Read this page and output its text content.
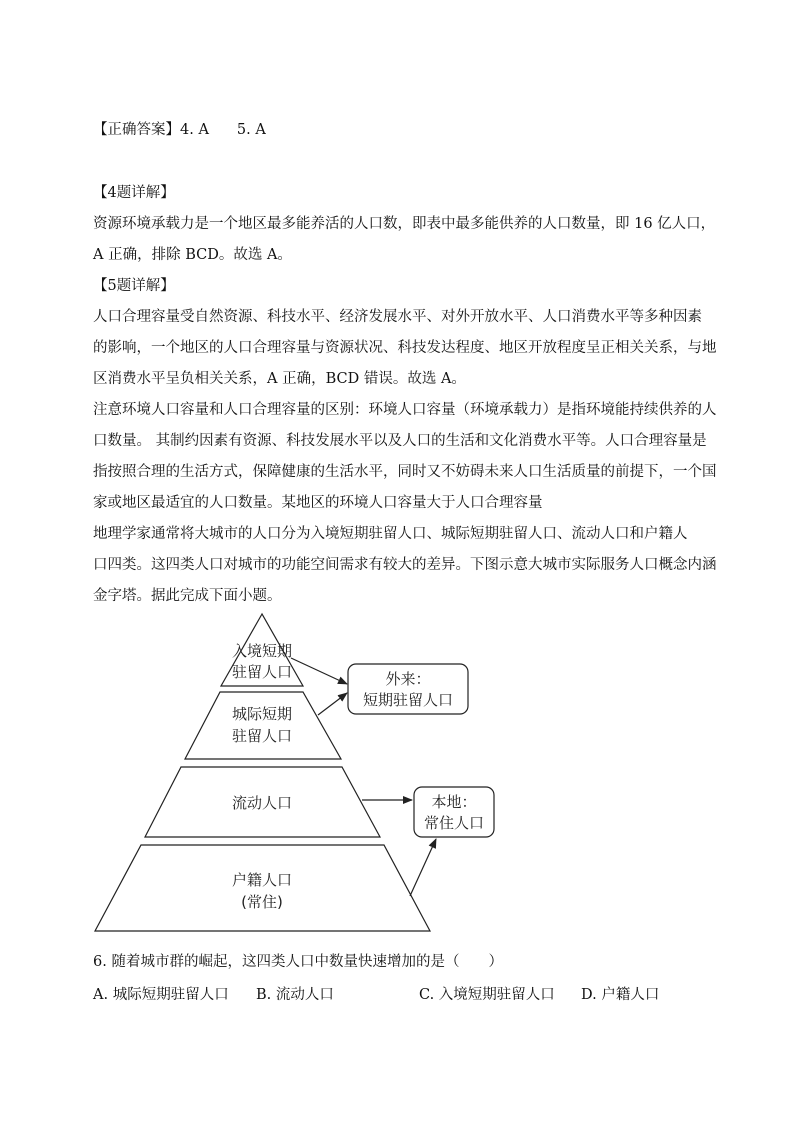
【正确答案】4. A 5. A
【4题详解】
资源环境承载力是一个地区最多能养活的人口数，即表中最多能供养的人口数量，即 16 亿人口，
A 正确，排除 BCD。故选 A。
【5题详解】
人口合理容量受自然资源、科技水平、经济发展水平、对外开放水平、人口消费水平等多种因素
的影响，一个地区的人口合理容量与资源状况、科技发达程度、地区开放程度呈正相关关系，与地
区消费水平呈负相关关系，A 正确，BCD 错误。故选 A。
注意环境人口容量和人口合理容量的区别：环境人口容量（环境承载力）是指环境能持续供养的人
口数量。 其制约因素有资源、科技发展水平以及人口的生活和文化消费水平等。人口合理容量是
指按照合理的生活方式，保障健康的生活水平，同时又不妨碍未来人口生活质量的前提下，一个国
家或地区最适宜的人口数量。某地区的环境人口容量大于人口合理容量
地理学家通常将大城市的人口分为入境短期驻留人口、城际短期驻留人口、流动人口和户籍人
口四类。这四类人口对城市的功能空间需求有较大的差异。下图示意大城市实际服务人口概念内涵
金字塔。据此完成下面小题。
入境短期
驻留人口
城际短期
驻留人口
流动人口
户籍人口
(常住)
外来：
短期驻留人口
本地：
常住人口
6. 随着城市群的崛起，这四类人口中数量快速增加的是（　　）
A. 城际短期驻留人口 B. 流动人口	C. 入境短期驻留人口 D. 户籍人口
